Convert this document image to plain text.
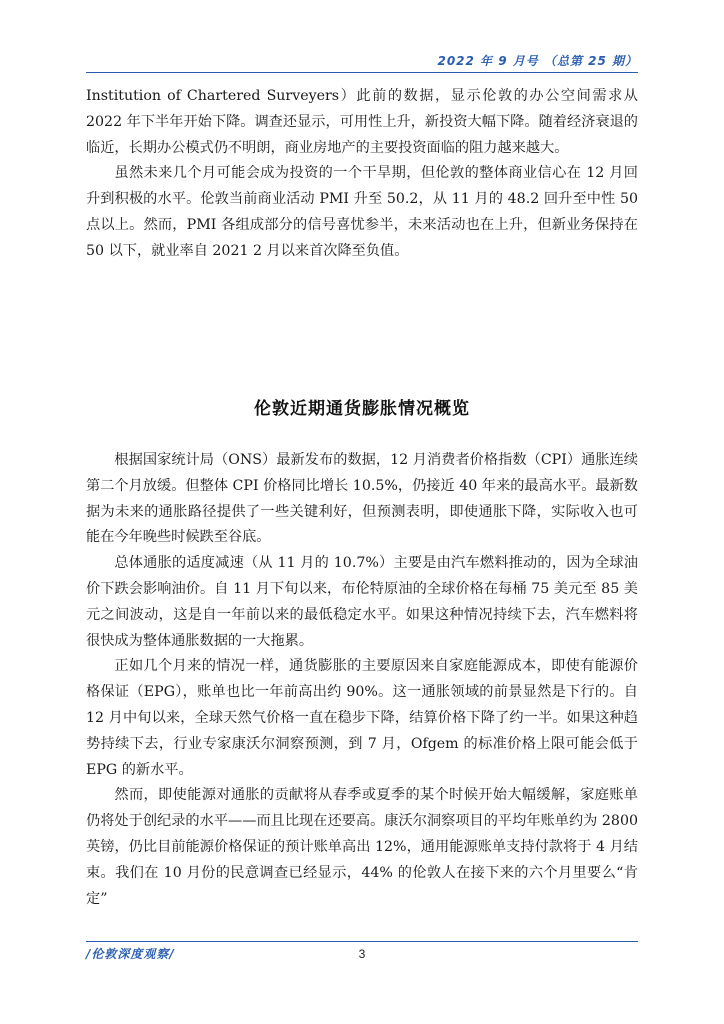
2022 年 9 月号 （总第 25 期）

Institution of Chartered Surveyers）此前的数据，显示伦敦的办公空间需求从 2022 年下半年开始下降。调查还显示，可用性上升，新投资大幅下降。随着经济衰退的临近，长期办公模式仍不明朗，商业房地产的主要投资面临的阻力越来越大。

虽然未来几个月可能会成为投资的一个干旱期，但伦敦的整体商业信心在 12 月回升到积极的水平。伦敦当前商业活动 PMI 升至 50.2，从 11 月的 48.2 回升至中性 50 点以上。然而，PMI 各组成部分的信号喜忧参半，未来活动也在上升，但新业务保持在 50 以下，就业率自 2021 2 月以来首次降至负值。

伦敦近期通货膨胀情况概览

根据国家统计局（ONS）最新发布的数据，12 月消费者价格指数（CPI）通胀连续第二个月放缓。但整体 CPI 价格同比增长 10.5%，仍接近 40 年来的最高水平。最新数据为未来的通胀路径提供了一些关键利好，但预测表明，即使通胀下降，实际收入也可能在今年晚些时候跌至谷底。

总体通胀的适度减速（从 11 月的 10.7%）主要是由汽车燃料推动的，因为全球油价下跌会影响油价。自 11 月下旬以来，布伦特原油的全球价格在每桶 75 美元至 85 美元之间波动，这是自一年前以来的最低稳定水平。如果这种情况持续下去，汽车燃料将很快成为整体通胀数据的一大拖累。

正如几个月来的情况一样，通货膨胀的主要原因来自家庭能源成本，即使有能源价格保证（EPG），账单也比一年前高出约 90%。这一通胀领域的前景显然是下行的。自 12 月中旬以来，全球天然气价格一直在稳步下降，结算价格下降了约一半。如果这种趋势持续下去，行业专家康沃尔洞察预测，到 7 月，Ofgem 的标准价格上限可能会低于 EPG 的新水平。

然而，即使能源对通胀的贡献将从春季或夏季的某个时候开始大幅缓解，家庭账单仍将处于创纪录的水平——而且比现在还要高。康沃尔洞察项目的平均年账单约为 2800 英镑，仍比目前能源价格保证的预计账单高出 12%，通用能源账单支持付款将于 4 月结束。我们在 10 月份的民意调查已经显示，44% 的伦敦人在接下来的六个月里要么“肯定”

/伦敦深度观察/	3
